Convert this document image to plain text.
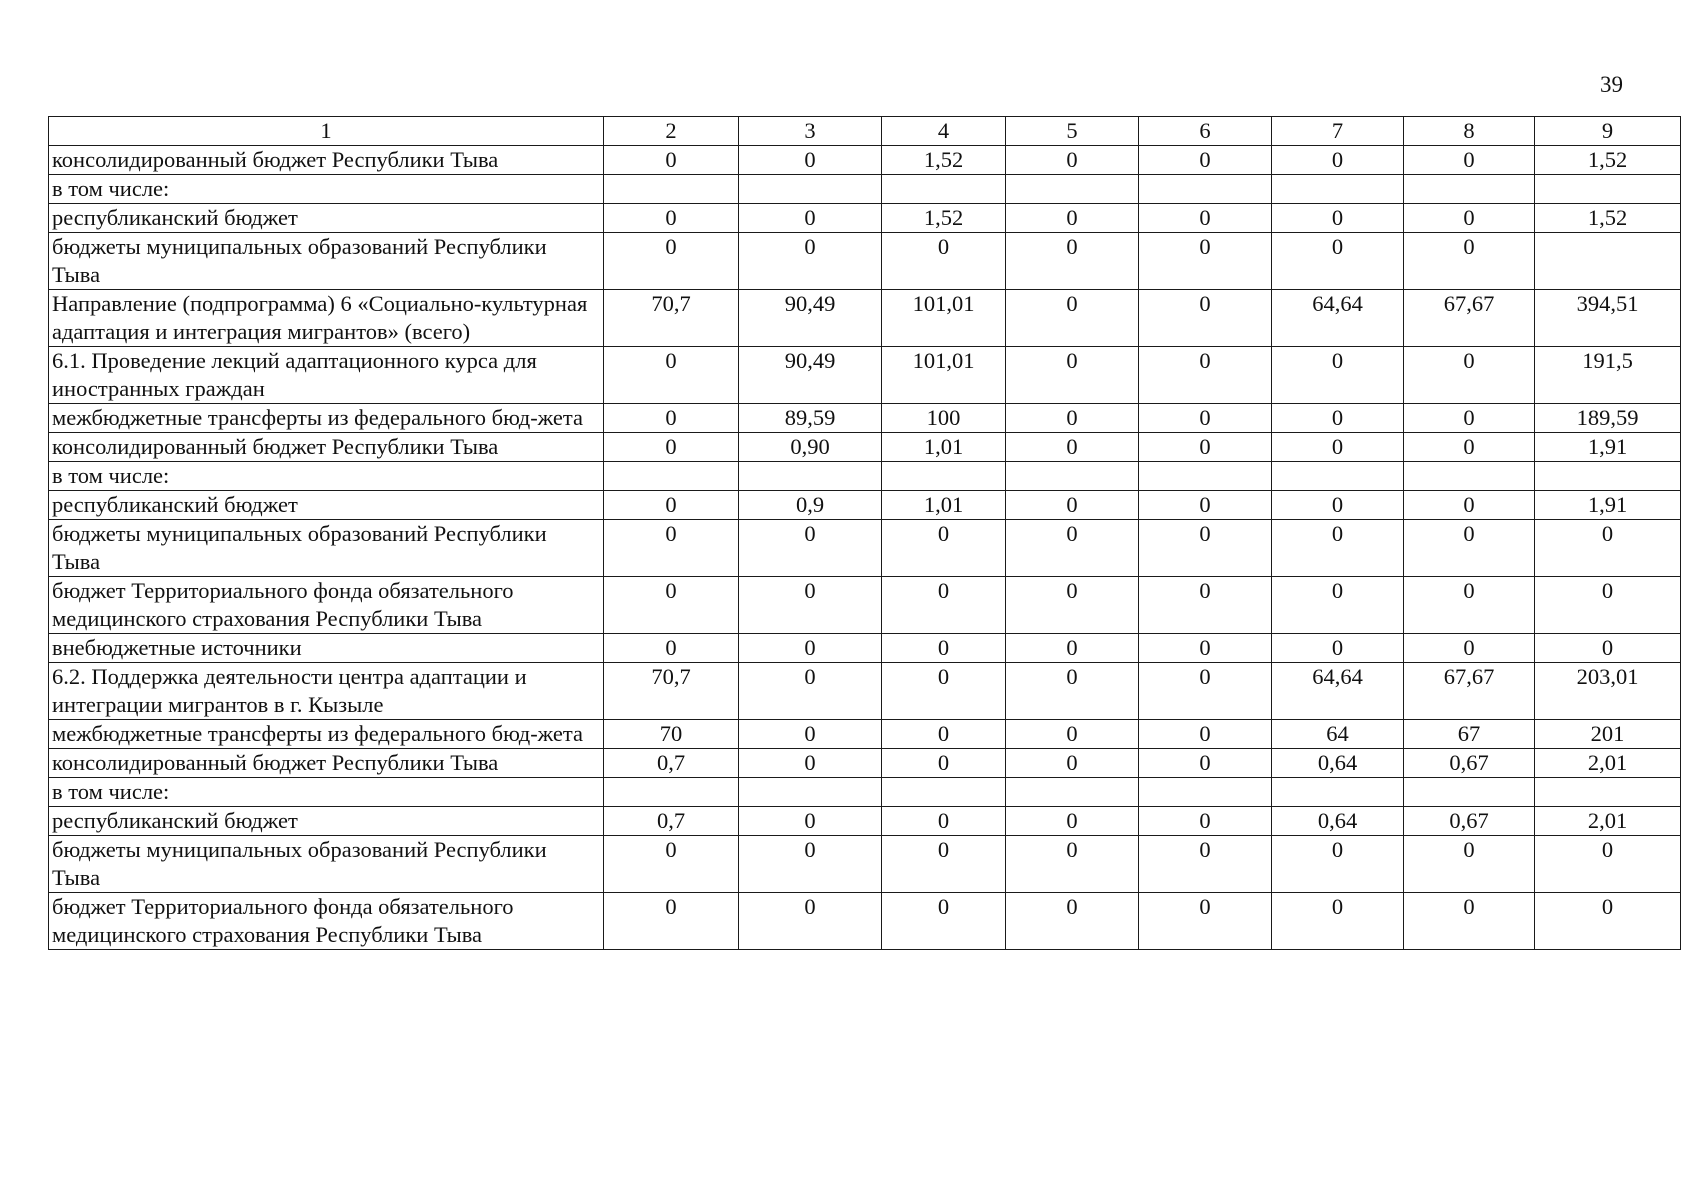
39
1	2	3	4	5	6	7	8	9
консолидированный бюджет Республики Тыва	0	0	1,52	0	0	0	0	1,52
в том числе:								
республиканский бюджет	0	0	1,52	0	0	0	0	1,52
бюджеты муниципальных образований Республики Тыва	0	0	0	0	0	0	0	
Направление (подпрограмма) 6 «Социально-культурная адаптация и интеграция мигрантов» (всего)	70,7	90,49	101,01	0	0	64,64	67,67	394,51
6.1. Проведение лекций адаптационного курса для иностранных граждан	0	90,49	101,01	0	0	0	0	191,5
межбюджетные трансферты из федерального бюд-жета	0	89,59	100	0	0	0	0	189,59
консолидированный бюджет Республики Тыва	0	0,90	1,01	0	0	0	0	1,91
в том числе:								
республиканский бюджет	0	0,9	1,01	0	0	0	0	1,91
бюджеты муниципальных образований Республики Тыва	0	0	0	0	0	0	0	0
бюджет Территориального фонда обязательного медицинского страхования Республики Тыва	0	0	0	0	0	0	0	0
внебюджетные источники	0	0	0	0	0	0	0	0
6.2. Поддержка деятельности центра адаптации и интеграции мигрантов в г. Кызыле	70,7	0	0	0	0	64,64	67,67	203,01
межбюджетные трансферты из федерального бюд-жета	70	0	0	0	0	64	67	201
консолидированный бюджет Республики Тыва	0,7	0	0	0	0	0,64	0,67	2,01
в том числе:								
республиканский бюджет	0,7	0	0	0	0	0,64	0,67	2,01
бюджеты муниципальных образований Республики Тыва	0	0	0	0	0	0	0	0
бюджет Территориального фонда обязательного медицинского страхования Республики Тыва	0	0	0	0	0	0	0	0
